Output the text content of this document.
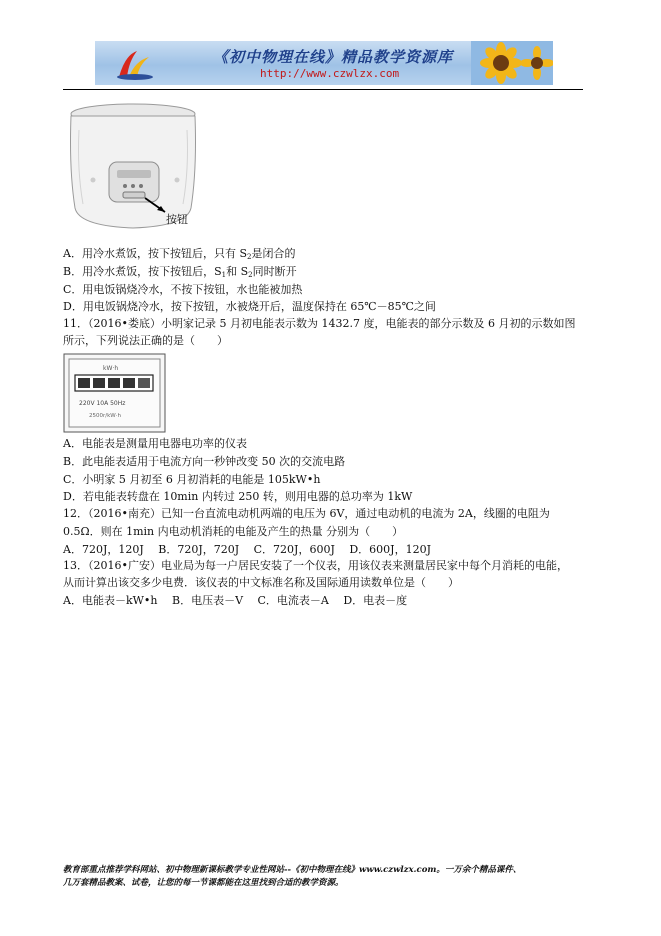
《初中物理在线》精品教学资源库
http://www.czwlzx.com
按钮
A．用冷水煮饭，按下按钮后，只有 $S_2$是闭合的
B．用冷水煮饭，按下按钮后，$S_1$和 $S_2$同时断开
C．用电饭锅烧冷水，不按下按钮，水也能被加热
D．用电饭锅烧冷水，按下按钮，水被烧开后，温度保持在 65℃－85℃之间
11．（2016•娄底）小明家记录 5 月初电能表示数为 1432.7 度，电能表的部分示数及 6 月初的示数如图
所示，下列说法正确的是（　　）
kW·h
220V 10A 50Hz
2500r/kW·h
A．电能表是测量用电器电功率的仪表
B．此电能表适用于电流方向一秒钟改变 50 次的交流电路
C．小明家 5 月初至 6 月初消耗的电能是 105kW•h
D．若电能表转盘在 10min 内转过 250 转，则用电器的总功率为 1kW
12．（2016•南充）已知一台直流电动机两端的电压为 6V，通过电动机的电流为 2A，线圈的电阻为
0.5Ω．则在 1min 内电动机消耗的电能及产生的热量 分别为（　　）
A．720J，120J　 B．720J，720J　 C．720J，600J　 D．600J，120J
13．（2016•广安）电业局为每一户居民安装了一个仪表，用该仪表来测量居民家中每个月消耗的电能，
从而计算出该交多少电费．该仪表的中文标准名称及国际通用读数单位是（　　）
A．电能表－kW•h　 B．电压表－V　 C．电流表－A　 D．电表－度
教育部重点推荐学科网站、初中物理新课标教学专业性网站--《初中物理在线》www.czwlzx.com。一万余个精品课件、
几万套精品教案、试卷，让您的每一节课都能在这里找到合适的教学资源。
